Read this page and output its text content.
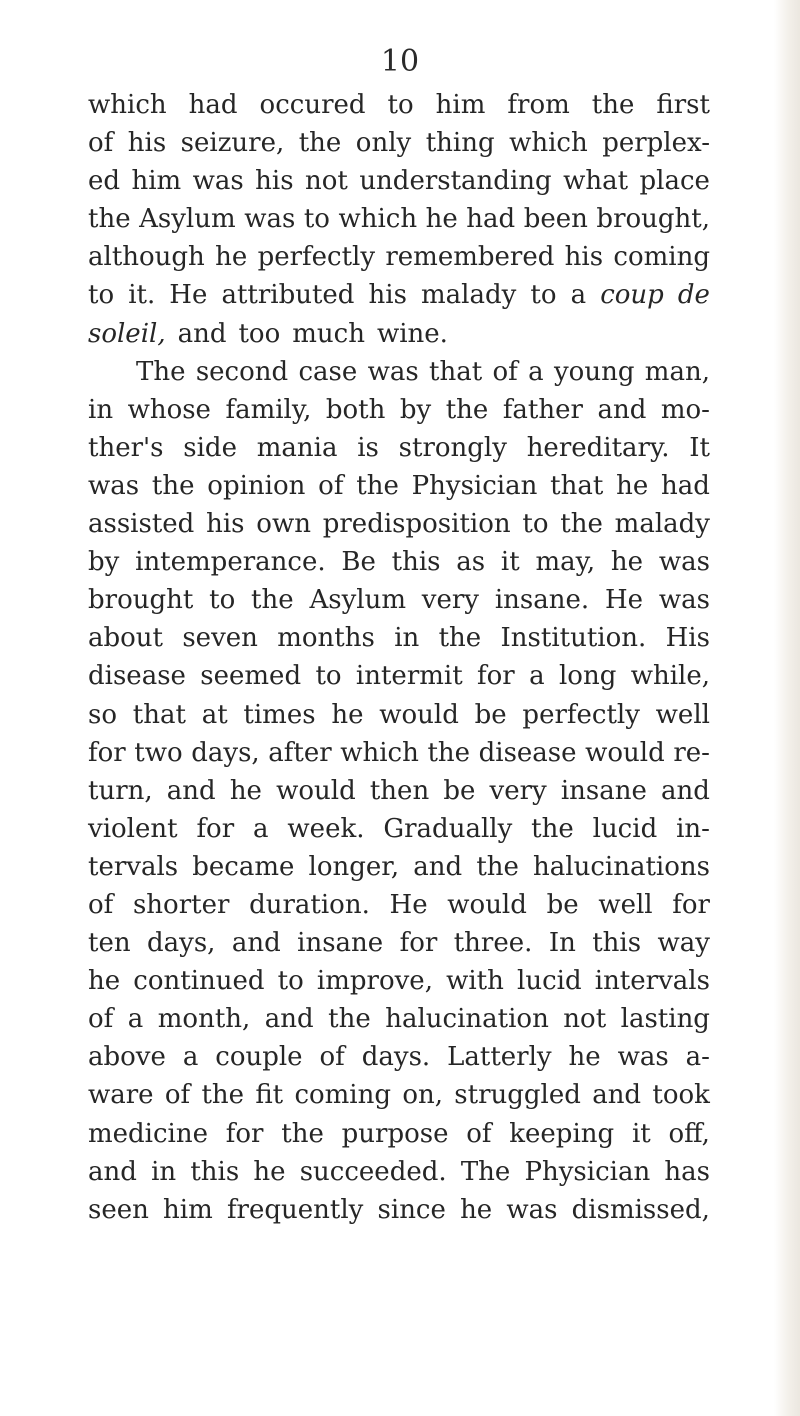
10
which had occured to him from the first
of his seizure, the only thing which perplex-
ed him was his not understanding what place
the Asylum was to which he had been brought,
although he perfectly remembered his coming
to it. He attributed his malady to a coup de
soleil, and too much wine.
The second case was that of a young man,
in whose family, both by the father and mo-
ther's side mania is strongly hereditary. It
was the opinion of the Physician that he had
assisted his own predisposition to the malady
by intemperance. Be this as it may, he was
brought to the Asylum very insane. He was
about seven months in the Institution. His
disease seemed to intermit for a long while,
so that at times he would be perfectly well
for two days, after which the disease would re-
turn, and he would then be very insane and
violent for a week. Gradually the lucid in-
tervals became longer, and the halucinations
of shorter duration. He would be well for
ten days, and insane for three. In this way
he continued to improve, with lucid intervals
of a month, and the halucination not lasting
above a couple of days. Latterly he was a-
ware of the fit coming on, struggled and took
medicine for the purpose of keeping it off,
and in this he succeeded. The Physician has
seen him frequently since he was dismissed,
